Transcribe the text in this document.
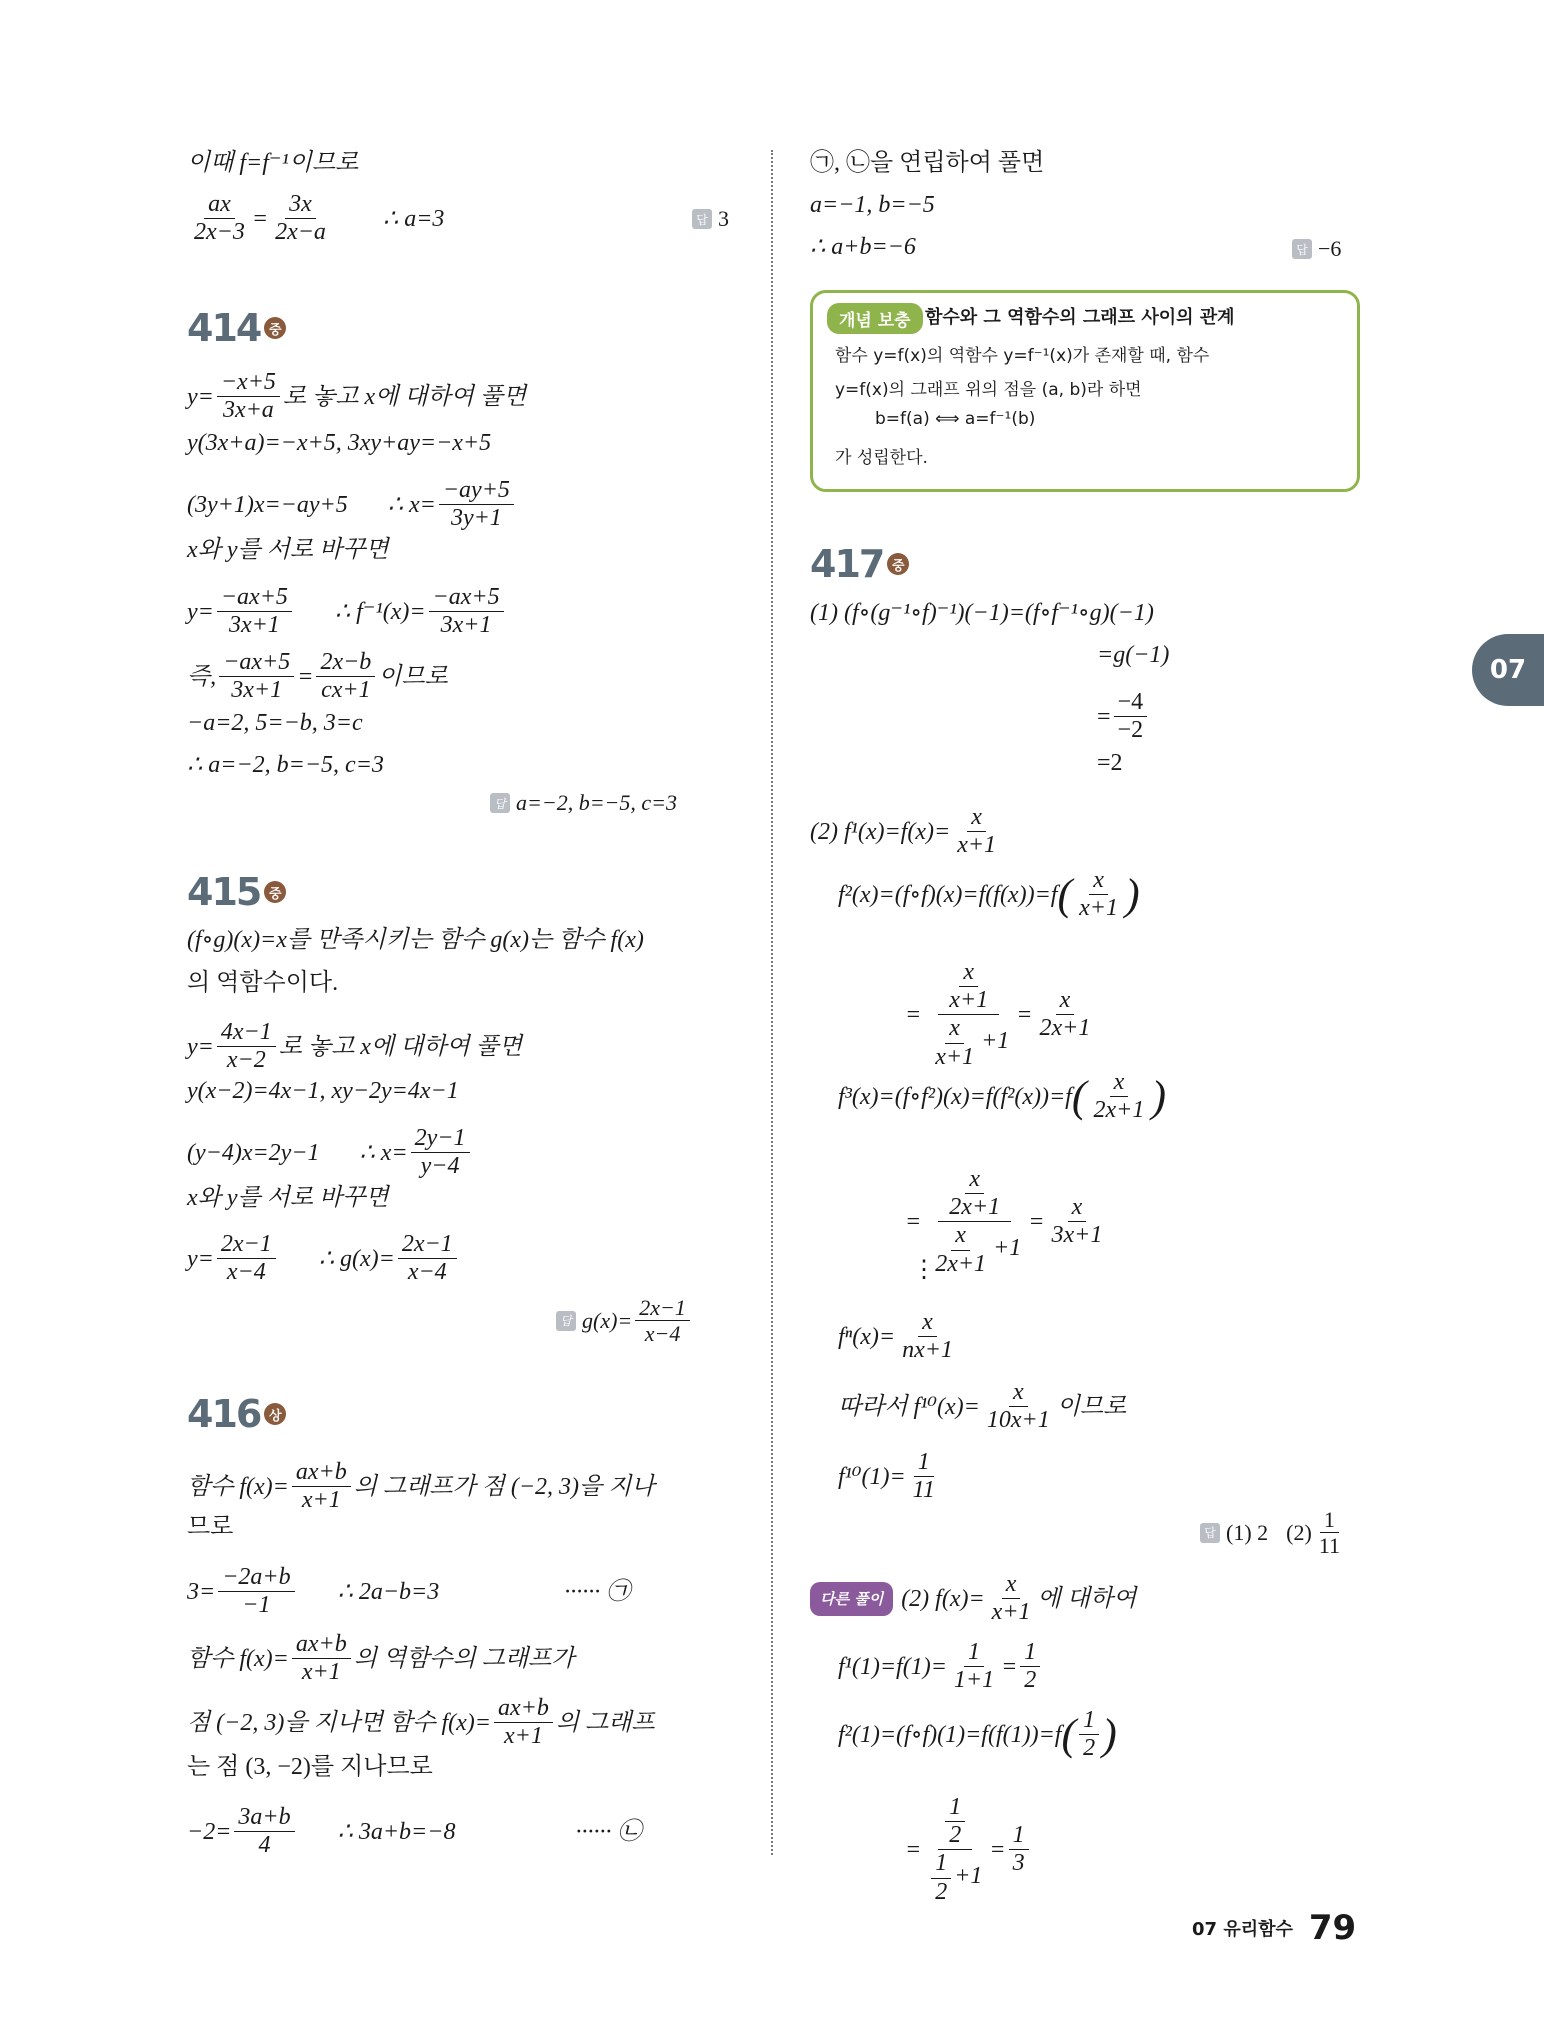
이때 f=f⁻¹이므로
$\frac{ax}{2x-3} = \frac{3x}{2x-a}$ ∴ a=3	답 3
414 중
$y= \frac{-x+5}{3x+a}$ 로 놓고 x에 대하여 풀면
y(3x+a)=−x+5, 3xy+ay=−x+5
(3y+1)x=−ay+5 ∴ $x= \frac{-ay+5}{3y+1}$
x와 y를 서로 바꾸면
$y= \frac{-ax+5}{3x+1}$ ∴ $f^{-1}(x)= \frac{-ax+5}{3x+1}$
즉, $\frac{-ax+5}{3x+1} = \frac{2x-b}{cx+1}$ 이므로
−a=2, 5=−b, 3=c
∴ a=−2, b=−5, c=3
답 a=−2, b=−5, c=3
415 중
(f∘g)(x)=x를 만족시키는 함수 g(x)는 함수 f(x)
의 역함수이다.
$y= \frac{4x-1}{x-2}$ 로 놓고 x에 대하여 풀면
y(x−2)=4x−1, xy−2y=4x−1
(y−4)x=2y−1 ∴ $x= \frac{2y-1}{y-4}$
x와 y를 서로 바꾸면
$y= \frac{2x-1}{x-4}$ ∴ $g(x)= \frac{2x-1}{x-4}$
답 $g(x)= \frac{2x-1}{x-4}$
416 상
함수 $f(x)= \frac{ax+b}{x+1}$ 의 그래프가 점 (−2, 3)을 지나
므로
$3= \frac{-2a+b}{-1}$ ∴ 2a−b=3	······ ㉠
함수 $f(x)= \frac{ax+b}{x+1}$ 의 역함수의 그래프가
점 (−2, 3)을 지나면 함수 $f(x)= \frac{ax+b}{x+1}$ 의 그래프
는 점 (3, −2)를 지나므로
$-2= \frac{3a+b}{4}$ ∴ 3a+b=−8	······ ㉡
㉠, ㉡을 연립하여 풀면
a=−1, b=−5
∴ a+b=−6	답 −6
개념 보충 함수와 그 역함수의 그래프 사이의 관계
함수 y=f(x)의 역함수 y=f⁻¹(x)가 존재할 때, 함수
y=f(x)의 그래프 위의 점을 (a, b)라 하면
b=f(a) ⟺ a=f⁻¹(b)
가 성립한다.
417 중
(1) (f∘(g⁻¹∘f)⁻¹)(−1)=(f∘f⁻¹∘g)(−1)
=g(−1)
= $\frac{-4}{-2}$
=2
(2) $f^1(x)=f(x)= \frac{x}{x+1}$
f²(x)=(f∘f)(x)=f(f(x))=f ( $\frac{x}{x+1}$ )
= $\frac{\frac{x}{x+1}}{\frac{x}{x+1} +1} = \frac{x}{2x+1}$
f³(x)=(f∘f²)(x)=f(f²(x))=f ( $\frac{x}{2x+1}$ )
= $\frac{\frac{x}{2x+1}}{\frac{x}{2x+1} +1} = \frac{x}{3x+1}$
⋮
$f^n(x)= \frac{x}{nx+1}$
따라서 $f^{10}(x)= \frac{x}{10x+1}$ 이므로
$f^{10}(1)= \frac{1}{11}$
답 (1) 2 $(2) \frac{1}{11}$
다른 풀이 (2) $f(x)= \frac{x}{x+1}$ 에 대하여
$f^1(1)=f(1)= \frac{1}{1+1} = \frac{1}{2}$
f²(1)=(f∘f)(1)=f(f(1))=f ( $\frac{1}{2}$ )
= $\frac{\frac{1}{2}}{\frac{1}{2} +1} = \frac{1}{3}$
07
07 유리함수 79
